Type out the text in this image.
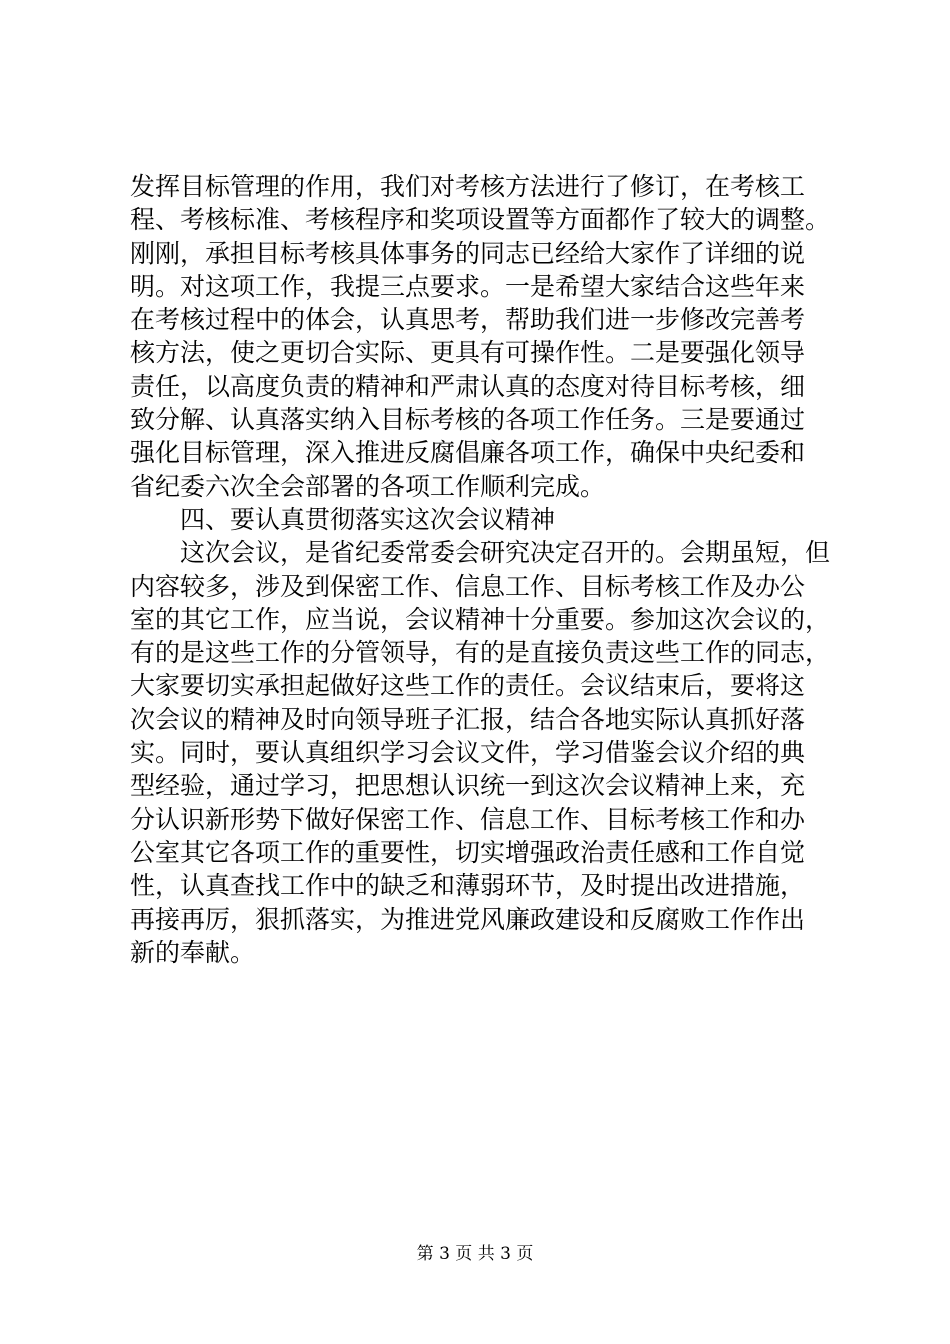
发挥目标管理的作用，我们对考核方法进行了修订，在考核工
程、考核标准、考核程序和奖项设置等方面都作了较大的调整。
刚刚，承担目标考核具体事务的同志已经给大家作了详细的说
明。对这项工作，我提三点要求。一是希望大家结合这些年来
在考核过程中的体会，认真思考，帮助我们进一步修改完善考
核方法，使之更切合实际、更具有可操作性。二是要强化领导
责任，以高度负责的精神和严肃认真的态度对待目标考核，细
致分解、认真落实纳入目标考核的各项工作任务。三是要通过
强化目标管理，深入推进反腐倡廉各项工作，确保中央纪委和
省纪委六次全会部署的各项工作顺利完成。
　　四、要认真贯彻落实这次会议精神
　　这次会议，是省纪委常委会研究决定召开的。会期虽短，但
内容较多，涉及到保密工作、信息工作、目标考核工作及办公
室的其它工作，应当说，会议精神十分重要。参加这次会议的，
有的是这些工作的分管领导，有的是直接负责这些工作的同志，
大家要切实承担起做好这些工作的责任。会议结束后，要将这
次会议的精神及时向领导班子汇报，结合各地实际认真抓好落
实。同时，要认真组织学习会议文件，学习借鉴会议介绍的典
型经验，通过学习，把思想认识统一到这次会议精神上来，充
分认识新形势下做好保密工作、信息工作、目标考核工作和办
公室其它各项工作的重要性，切实增强政治责任感和工作自觉
性，认真查找工作中的缺乏和薄弱环节，及时提出改进措施，
再接再厉，狠抓落实，为推进党风廉政建设和反腐败工作作出
新的奉献。
第 3 页 共 3 页
